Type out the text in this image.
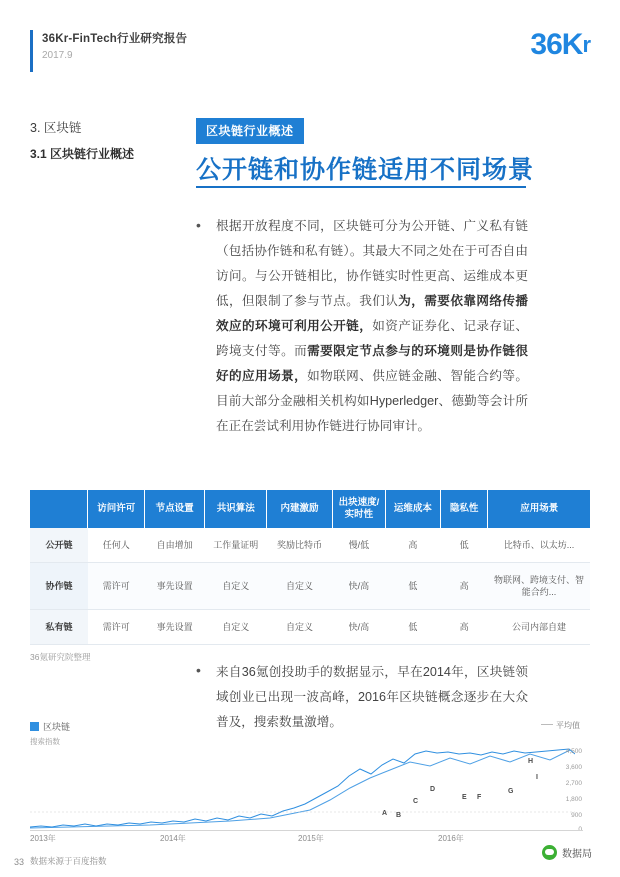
36Kr-FinTech行业研究报告
2017.9	36Kr
3. 区块链
3.1 区块链行业概述
区块链行业概述
公开链和协作链适用不同场景
• 根据开放程度不同，区块链可分为公开链、广义私有链（包括协作链和私有链）。其最大不同之处在于可否自由访问。与公开链相比，协作链实时性更高、运维成本更低，但限制了参与节点。我们认为，需要依靠网络传播效应的环境可利用公开链，如资产证券化、记录存证、跨境支付等。而需要限定节点参与的环境则是协作链很好的应用场景，如物联网、供应链金融、智能合约等。目前大部分金融相关机构如Hyperledger、德勤等会计所在正在尝试利用协作链进行协同审计。
	访问许可	节点设置	共识算法	内建激励	出块速度/实时性	运维成本	隐私性	应用场景
公开链	任何人	自由增加	工作量证明	奖励比特币	慢/低	高	低	比特币、以太坊...
协作链	需许可	事先设置	自定义	自定义	快/高	低	高	物联网、跨境支付、智能合约...
私有链	需许可	事先设置	自定义	自定义	快/高	低	高	公司内部自建
36氪研究院整理
• 来自36氪创投助手的数据显示，早在2014年，区块链领域创业已出现一波高峰，2016年区块链概念逐步在大众普及，搜索数量激增。
区块链	平均值
搜索指数
A B
C
D
E F
G
H
I
4,500
3,600
2,700
1,800
900
2013年	2014年	2015年	2016年
数据来源于百度指数
33
数据局
